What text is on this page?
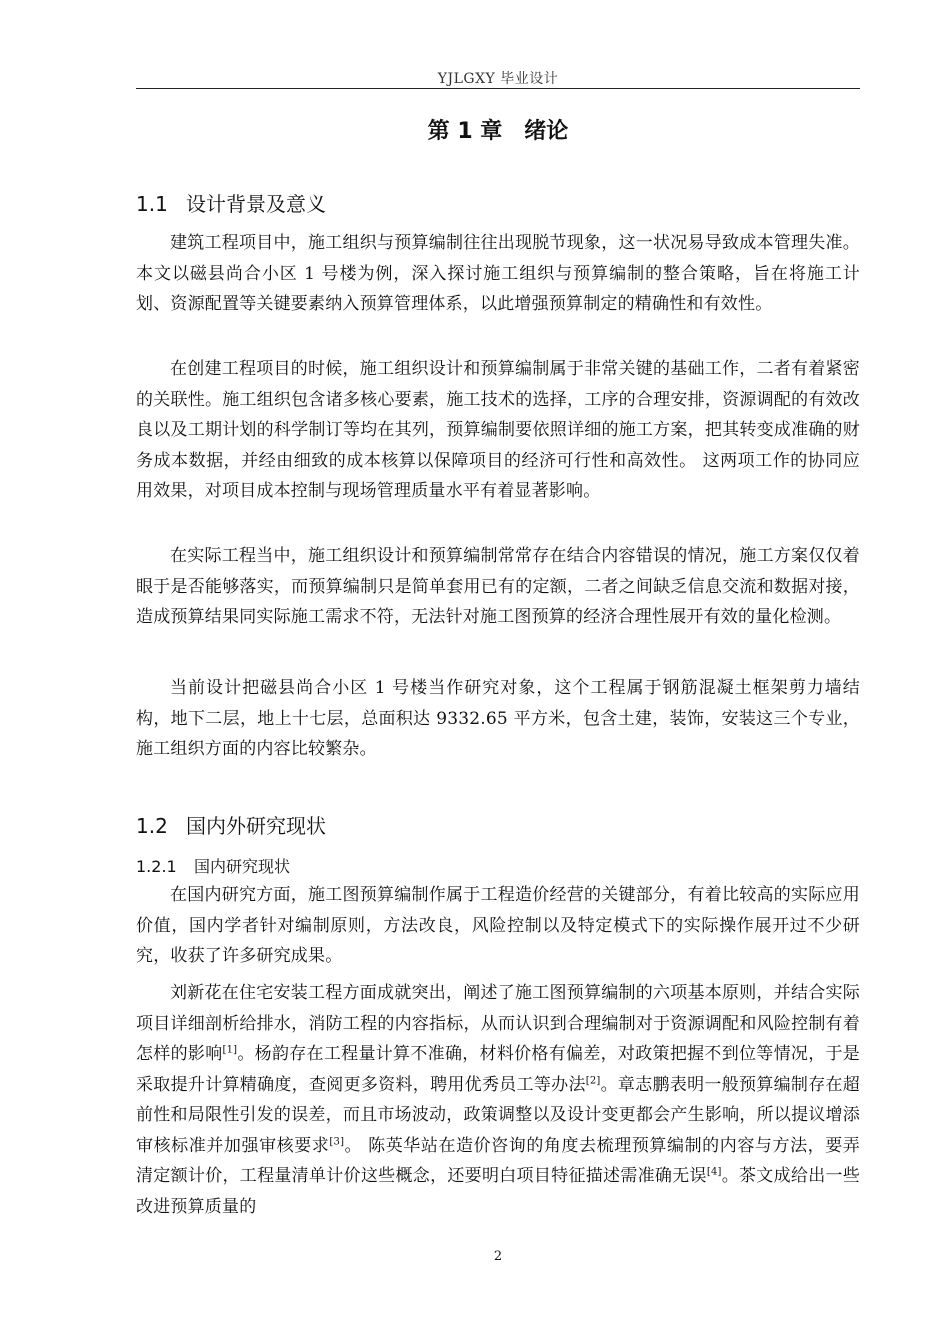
YJLGXY 毕业设计
第 1 章　绪论
1.1 设计背景及意义

建筑工程项目中，施工组织与预算编制往往出现脱节现象，这一状况易导致成本管理失准。本文以磁县尚合小区 1 号楼为例，深入探讨施工组织与预算编制的整合策略，旨在将施工计划、资源配置等关键要素纳入预算管理体系，以此增强预算制定的精确性和有效性。

在创建工程项目的时候，施工组织设计和预算编制属于非常关键的基础工作，二者有着紧密的关联性。施工组织包含诸多核心要素，施工技术的选择，工序的合理安排，资源调配的有效改良以及工期计划的科学制订等均在其列，预算编制要依照详细的施工方案，把其转变成准确的财务成本数据，并经由细致的成本核算以保障项目的经济可行性和高效性。 这两项工作的协同应用效果，对项目成本控制与现场管理质量水平有着显著影响。

在实际工程当中，施工组织设计和预算编制常常存在结合内容错误的情况，施工方案仅仅着眼于是否能够落实，而预算编制只是简单套用已有的定额，二者之间缺乏信息交流和数据对接，造成预算结果同实际施工需求不符，无法针对施工图预算的经济合理性展开有效的量化检测。

当前设计把磁县尚合小区 1 号楼当作研究对象，这个工程属于钢筋混凝土框架剪力墙结构，地下二层，地上十七层，总面积达 9332.65 平方米，包含土建，装饰，安装这三个专业，施工组织方面的内容比较繁杂。

1.2 国内外研究现状
1.2.1 国内研究现状

在国内研究方面，施工图预算编制作属于工程造价经营的关键部分，有着比较高的实际应用价值，国内学者针对编制原则，方法改良，风险控制以及特定模式下的实际操作展开过不少研究，收获了许多研究成果。

刘新花在住宅安装工程方面成就突出，阐述了施工图预算编制的六项基本原则，并结合实际项目详细剖析给排水，消防工程的内容指标，从而认识到合理编制对于资源调配和风险控制有着怎样的影响[1]。杨韵存在工程量计算不准确，材料价格有偏差，对政策把握不到位等情况，于是采取提升计算精确度，查阅更多资料，聘用优秀员工等办法[2]。章志鹏表明一般预算编制存在超前性和局限性引发的误差，而且市场波动，政策调整以及设计变更都会产生影响，所以提议增添审核标准并加强审核要求[3]。 陈英华站在造价咨询的角度去梳理预算编制的内容与方法，要弄清定额计价，工程量清单计价这些概念，还要明白项目特征描述需准确无误[4]。茶文成给出一些改进预算质量的

2
